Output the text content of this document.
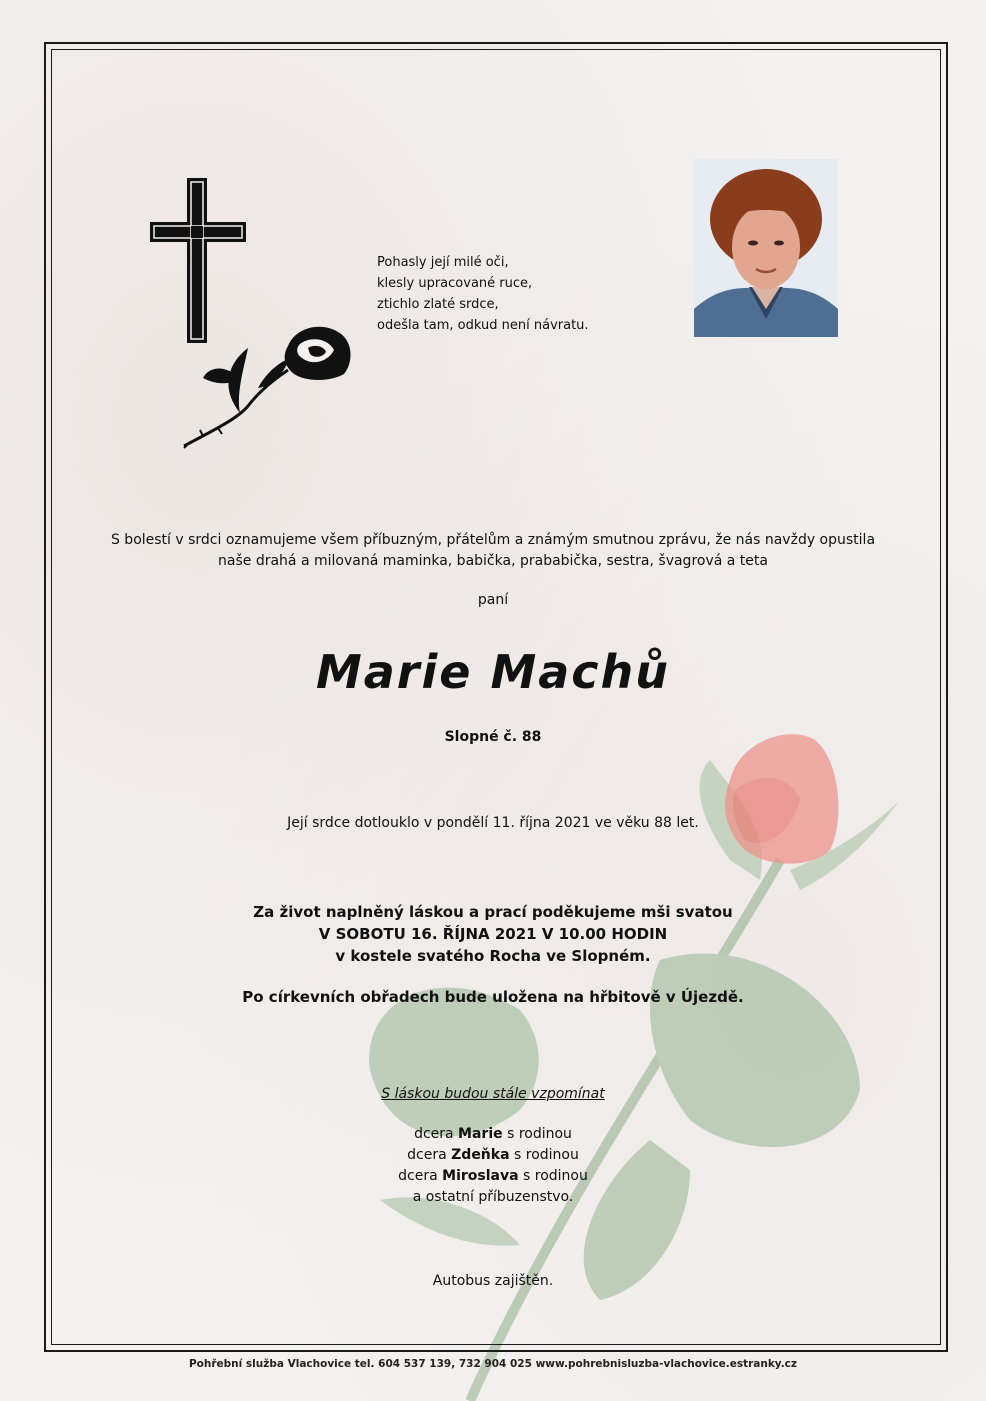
Pohasly její milé oči,
klesly upracované ruce,
ztichlo zlaté srdce,
odešla tam, odkud není návratu.
S bolestí v srdci oznamujeme všem příbuzným, přátelům a známým smutnou zprávu, že nás navždy opustila
naše drahá a milovaná maminka, babička, prababička, sestra, švagrová a teta
paní
Marie Machů
Slopné č. 88
Její srdce dotlouklo v pondělí 11. října 2021 ve věku 88 let.
Za život naplněný láskou a prací poděkujeme mši svatou
V SOBOTU 16. ŘÍJNA 2021 V 10.00 HODIN
v kostele svatého Rocha ve Slopném.
Po církevních obřadech bude uložena na hřbitově v Újezdě.
S láskou budou stále vzpomínat
dcera Marie s rodinou
dcera Zdeňka s rodinou
dcera Miroslava s rodinou
a ostatní příbuzenstvo.
Autobus zajištěn.
Pohřební služba Vlachovice tel. 604 537 139, 732 904 025 www.pohrebnisluzba-vlachovice.estranky.cz
